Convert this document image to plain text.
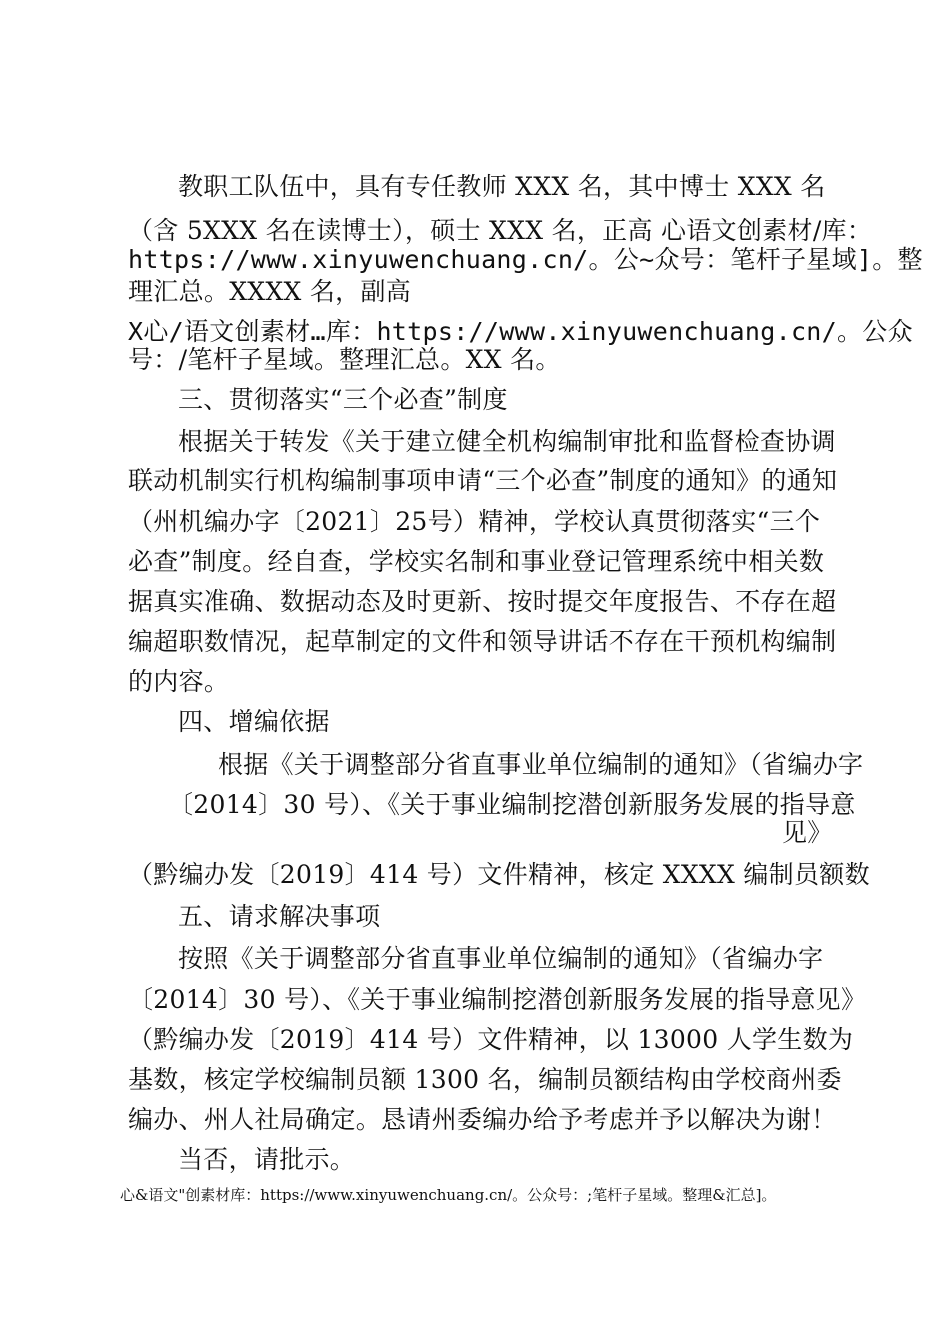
教职工队伍中，具有专任教师 XXX 名，其中博士 XXX 名
（含 5XXX 名在读博士），硕士 XXX 名，正高 心语文创素材/库：
https://www.xinyuwenchuang.cn/。公~众号：笔杆子星域]。整
理汇总。XXXX 名，副高
X心/语文创素材…库：https://www.xinyuwenchuang.cn/。公众
号：/笔杆子星域。整理汇总。XX 名。
三、贯彻落实“三个必查”制度
根据关于转发《关于建立健全机构编制审批和监督检查协调
联动机制实行机构编制事项申请“三个必查”制度的通知》的通知
（州机编办字〔2021〕25号）精神，学校认真贯彻落实“三个
必查”制度。经自查，学校实名制和事业登记管理系统中相关数
据真实准确、数据动态及时更新、按时提交年度报告、不存在超
编超职数情况，起草制定的文件和领导讲话不存在干预机构编制
的内容。
四、增编依据
根据《关于调整部分省直事业单位编制的通知》（省编办字
〔2014〕30 号）、《关于事业编制挖潜创新服务发展的指导意
见》
（黔编办发〔2019〕414 号）文件精神，核定 XXXX 编制员额数
五、请求解决事项
按照《关于调整部分省直事业单位编制的通知》（省编办字
〔2014〕30 号）、《关于事业编制挖潜创新服务发展的指导意见》
（黔编办发〔2019〕414 号）文件精神，以 13000 人学生数为
基数，核定学校编制员额 1300 名，编制员额结构由学校商州委
编办、州人社局确定。恳请州委编办给予考虑并予以解决为谢！
当否，请批示。
心&语文"创素材库：https://www.xinyuwenchuang.cn/。公众号：;笔杆子星域。整理&汇总]。
